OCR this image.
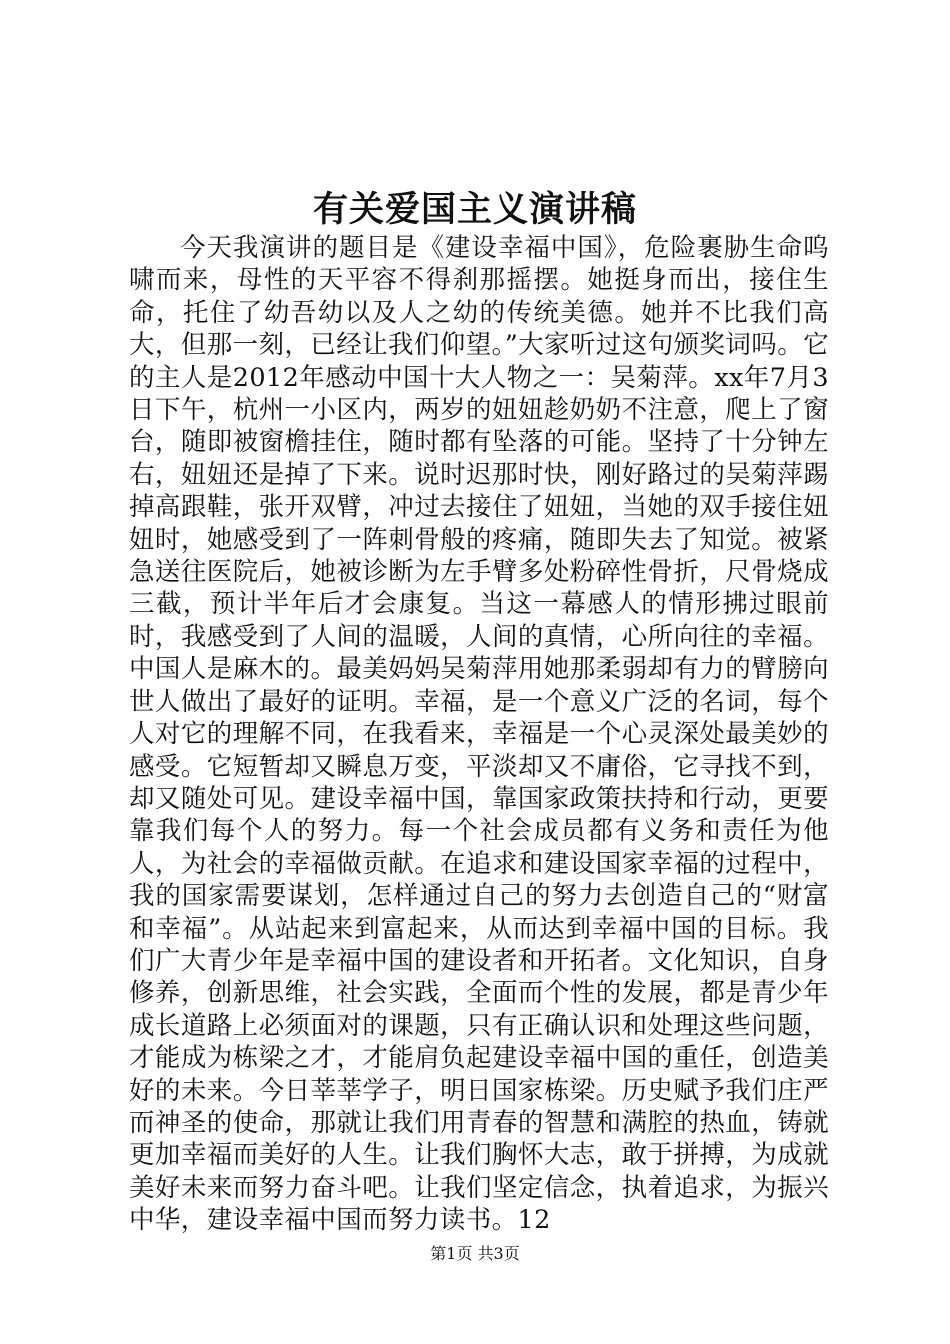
有关爱国主义演讲稿

今天我演讲的题目是《建设幸福中国》，危险裹胁生命呜啸而来，母性的天平容不得刹那摇摆。她挺身而出，接住生命，托住了幼吾幼以及人之幼的传统美德。她并不比我们高大，但那一刻，已经让我们仰望。”大家听过这句颁奖词吗。它的主人是2012年感动中国十大人物之一：吴菊萍。xx年7月3日下午，杭州一小区内，两岁的妞妞趁奶奶不注意，爬上了窗台，随即被窗檐挂住，随时都有坠落的可能。坚持了十分钟左右，妞妞还是掉了下来。说时迟那时快，刚好路过的吴菊萍踢掉高跟鞋，张开双臂，冲过去接住了妞妞，当她的双手接住妞妞时，她感受到了一阵刺骨般的疼痛，随即失去了知觉。被紧急送往医院后，她被诊断为左手臂多处粉碎性骨折，尺骨烧成三截，预计半年后才会康复。当这一幕感人的情形拂过眼前时，我感受到了人间的温暖，人间的真情，心所向往的幸福。中国人是麻木的。最美妈妈吴菊萍用她那柔弱却有力的臂膀向世人做出了最好的证明。幸福，是一个意义广泛的名词，每个人对它的理解不同，在我看来，幸福是一个心灵深处最美妙的感受。它短暂却又瞬息万变，平淡却又不庸俗，它寻找不到，却又随处可见。建设幸福中国，靠国家政策扶持和行动，更要靠我们每个人的努力。每一个社会成员都有义务和责任为他人，为社会的幸福做贡献。在追求和建设国家幸福的过程中，我的国家需要谋划，怎样通过自己的努力去创造自己的“财富和幸福”。从站起来到富起来，从而达到幸福中国的目标。我们广大青少年是幸福中国的建设者和开拓者。文化知识，自身修养，创新思维，社会实践，全面而个性的发展，都是青少年成长道路上必须面对的课题，只有正确认识和处理这些问题，才能成为栋梁之才，才能肩负起建设幸福中国的重任，创造美好的未来。今日莘莘学子，明日国家栋梁。历史赋予我们庄严而神圣的使命，那就让我们用青春的智慧和满腔的热血，铸就更加幸福而美好的人生。让我们胸怀大志，敢于拼搏，为成就美好未来而努力奋斗吧。让我们坚定信念，执着追求，为振兴中华，建设幸福中国而努力读书。12

第1页 共3页
